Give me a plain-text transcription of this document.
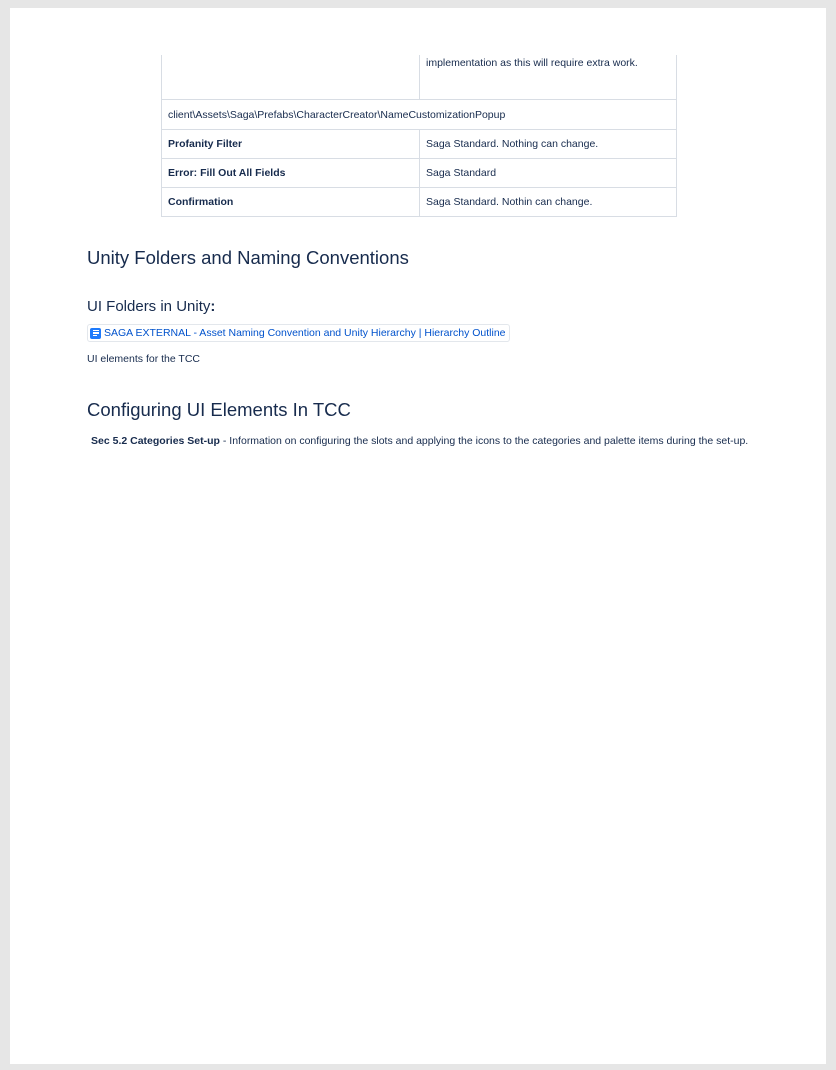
	implementation as this will require extra work.
client\Assets\Saga\Prefabs\CharacterCreator\NameCustomizationPopup	
Profanity Filter	Saga Standard. Nothing can change.
Error: Fill Out All Fields	Saga Standard
Confirmation	Saga Standard. Nothin can change.
Unity Folders and Naming Conventions
UI Folders in Unity:
SAGA EXTERNAL - Asset Naming Convention and Unity Hierarchy | Hierarchy Outline

UI elements for the TCC

Configuring UI Elements In TCC

Sec 5.2 Categories Set-up - Information on configuring the slots and applying the icons to the categories and palette items during the set-up.
